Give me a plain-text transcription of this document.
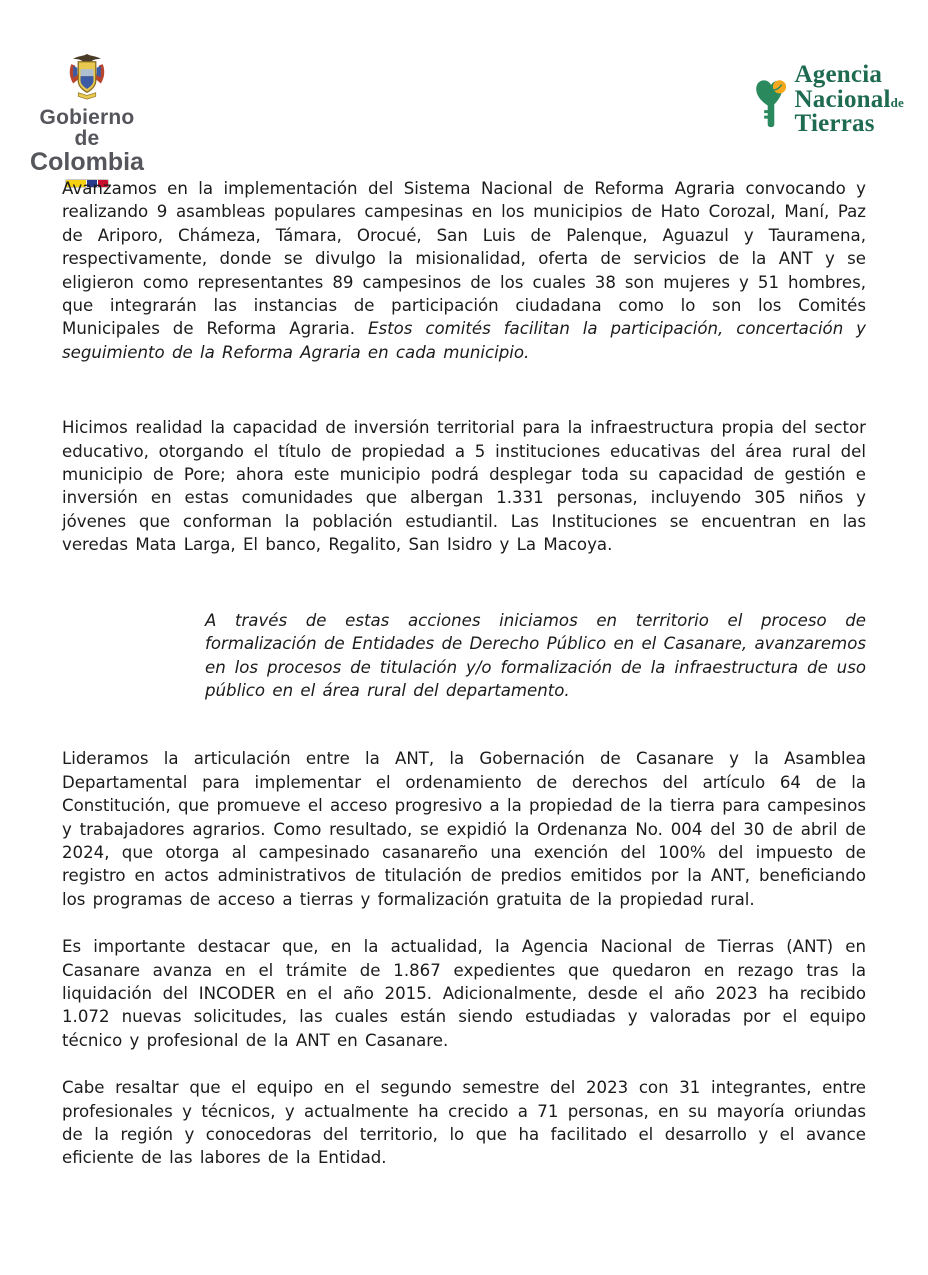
Gobierno de
Colombia
Agencia
Nacionalde
Tierras

Avanzamos en la implementación del Sistema Nacional de Reforma Agraria convocando y realizando 9 asambleas populares campesinas en los municipios de Hato Corozal, Maní, Paz de Ariporo, Chámeza, Támara, Orocué, San Luis de Palenque, Aguazul y Tauramena, respectivamente, donde se divulgo la misionalidad, oferta de servicios de la ANT y se eligieron como representantes 89 campesinos de los cuales 38 son mujeres y 51 hombres, que integrarán las instancias de participación ciudadana como lo son los Comités Municipales de Reforma Agraria. Estos comités facilitan la participación, concertación y seguimiento de la Reforma Agraria en cada municipio.

Hicimos realidad la capacidad de inversión territorial para la infraestructura propia del sector educativo, otorgando el título de propiedad a 5 instituciones educativas del área rural del municipio de Pore; ahora este municipio podrá desplegar toda su capacidad de gestión e inversión en estas comunidades que albergan 1.331 personas, incluyendo 305 niños y jóvenes que conforman la población estudiantil. Las Instituciones se encuentran en las veredas Mata Larga, El banco, Regalito, San Isidro y La Macoya.

A través de estas acciones iniciamos en territorio el proceso de formalización de Entidades de Derecho Público en el Casanare, avanzaremos en los procesos de titulación y/o formalización de la infraestructura de uso público en el área rural del departamento.

Lideramos la articulación entre la ANT, la Gobernación de Casanare y la Asamblea Departamental para implementar el ordenamiento de derechos del artículo 64 de la Constitución, que promueve el acceso progresivo a la propiedad de la tierra para campesinos y trabajadores agrarios. Como resultado, se expidió la Ordenanza No. 004 del 30 de abril de 2024, que otorga al campesinado casanareño una exención del 100% del impuesto de registro en actos administrativos de titulación de predios emitidos por la ANT, beneficiando los programas de acceso a tierras y formalización gratuita de la propiedad rural.

Es importante destacar que, en la actualidad, la Agencia Nacional de Tierras (ANT) en Casanare avanza en el trámite de 1.867 expedientes que quedaron en rezago tras la liquidación del INCODER en el año 2015. Adicionalmente, desde el año 2023 ha recibido 1.072 nuevas solicitudes, las cuales están siendo estudiadas y valoradas por el equipo técnico y profesional de la ANT en Casanare.

Cabe resaltar que el equipo en el segundo semestre del 2023 con 31 integrantes, entre profesionales y técnicos, y actualmente ha crecido a 71 personas, en su mayoría oriundas de la región y conocedoras del territorio, lo que ha facilitado el desarrollo y el avance eficiente de las labores de la Entidad.
